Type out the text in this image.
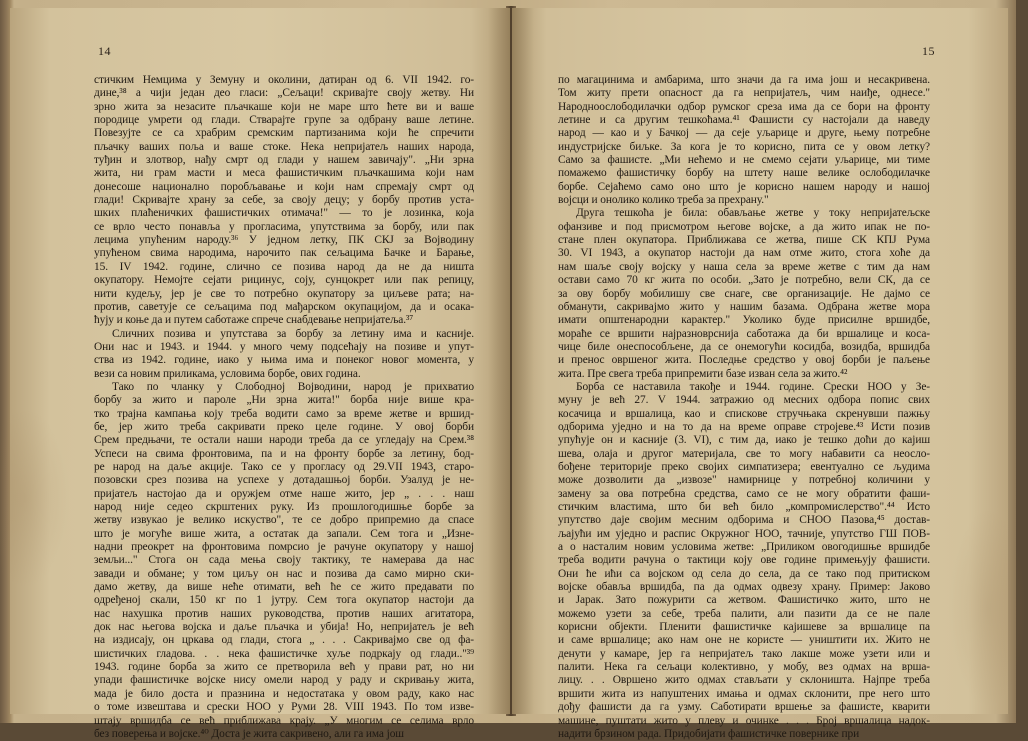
14
стичким Немцима у Земуну и околини, датиран од 6. VII 1942. го-
дине,³⁸ а чији један део гласи: „Сељаци! скривајте своју жетву. Ни
зрно жита за незасите пљачкаше који не маре што ћете ви и ваше
породице умрети од глади. Стварајте групе за одбрану ваше летине.
Повезујте се са храбрим сремским партизанима који ће спречити
пљачку ваших поља и ваше стоке. Нека непријатељ наших народа,
туђин и злотвор, нађу смрт од глади у нашем завичају". „Ни зрна
жита, ни грам масти и меса фашистичким пљачкашима који нам
донесоше национално поробљавање и који нам спремају смрт од
глади! Скривајте храну за себе, за своју децу; у борбу против уста-
шких плаћеничких фашистичких отимача!" — то је лозинка, која
се врло често понавља у прогласима, упутствима за борбу, или пак
лецима упућеним народу.³⁶ У једном летку, ПК СКЈ за Војводину
упућеном свима народима, нарочито пак сељацима Бачке и Барање,
15. IV 1942. године, слично се позива народ да не да ништа
окупатору. Немојте сејати рицинус, соју, сунцокрет или пак репицу,
нити кудељу, јер је све то потребно окупатору за циљеве рата; на-
против, саветује се сељацима под мађарском окупацијом, да и осака-
ћују и коње да и путем саботаже спрече снабдевање непријатеља.³⁷
Сличних позива и упутстава за борбу за летину има и касније.
Они нас и 1943. и 1944. у много чему подсећају на позиве и упут-
ства из 1942. године, иако у њима има и понеког новог момента, у
вези са новим приликама, условима борбе, ових година.
Тако по чланку у Слободној Војводини, народ је прихватио
борбу за жито и пароле „Ни зрна жита!" борба није више кра-
тко трајна кампања коју треба водити само за време жетве и вршид-
бе, јер жито треба сакривати преко целе године. У овој борби
Срем предњачи, те остали наши народи треба да се угледају на Срем.³⁸
Успеси на свима фронтовима, па и на фронту борбе за летину, бод-
ре народ на даље акције. Тако се у прогласу од 29.VII 1943, старо-
позовски срез позива на успехе у дотадашњој борби. Узалуд је не-
пријатељ настојао да и оружјем отме наше жито, јер „ . . . наш
народ није седео скрштених руку. Из прошлогодишње борбе за
жетву извукао је велико искуство", те се добро припремио да спасе
што је могуће више жита, а остатак да запали. Сем тога и „Изне-
надни преокрет на фронтовима помрсио је рачуне окупатору у нашој
земљи..." Стога он сада мења своју тактику, те намерава да нас
завади и обмане; у том циљу он нас и позива да само мирно ски-
дамо жетву, да више неће отимати, већ ће се жито предавати по
одређеној скали, 150 кг по 1 јутру. Сем тога окупатор настоји да
нас нахушка против наших руководства, против наших агитатора,
док нас његова војска и даље пљачка и убија! Но, непријатељ је већ
на издисају, он цркава од глади, стога „ . . . Сакривајмо све од фа-
шистичких гладова. . . нека фашистичке хуље подркају од глади.."³⁹
1943. године борба за жито се претворила већ у прави рат, но ни
упади фашистичке војске нису омели народ у раду и скривању жита,
мада је било доста и празнина и недостатака у овом раду, како нас
о томе извештава и срески НОО у Руми 28. VIII 1943. По том изве-
штају вршидба се већ приближава крају. „У многим се селима врло
без поверења и војске.⁴⁰ Доста је жита сакривено, али га има још
15
по магацинима и амбарима, што значи да га има још и несакривена.
Том житу прети опасност да га непријатељ, чим наиђе, однесе."
Народноослободилачки одбор румског среза има да се бори на фронту
летине и са другим тешкоћама.⁴¹ Фашисти су настојали да наведу
народ — као и у Бачкој — да сеје уљарице и друге, њему потребне
индустријске биљке. За кога је то корисно, пита се у овом летку?
Само за фашисте. „Ми нећемо и не смемо сејати уљарице, ми тиме
помажемо фашистичку борбу на штету наше велике ослободилачке
борбе. Сејаћемо само оно што је корисно нашем народу и нашој
војсци и онолико колико треба за прехрану."
Друга тешкоћа је била: обављање жетве у току непријатељске
офанзиве и под присмотром његове војске, а да жито ипак не по-
стане плен окупатора. Приближава се жетва, пише СК КПЈ Рума
30. VI 1943, а окупатор настоји да нам отме жито, стога хоће да
нам шаље своју војску у наша села за време жетве с тим да нам
остави само 70 кг жита по особи. „Зато је потребно, вели СК, да се
за ову борбу мобилишу све снаге, све организације. Не дајмо се
обманути, сакривајмо жито у нашим базама. Одбрана жетве мора
имати општенародни карактер." Уколико буде присилне вршидбе,
мораће се вршити најразноврснија саботажа да би вршалице и коса-
чице биле онеспособљене, да се онемогући косидба, возидба, вршидба
и пренос овршеног жита. Последње средство у овој борби је паљење
жита. Пре свега треба припремити базе изван села за жито.⁴²
Борба се наставила такође и 1944. године. Срески НОО у Зе-
муну је већ 27. V 1944. затражио од месних одбора попис свих
косачица и вршалица, као и спискове стручњака скренувши пажњу
одборима уједно и на то да на време оправе стројеве.⁴³ Исти позив
упућује он и касније (3. VI), с тим да, иако је тешко доћи до кајиш
шева, олаја и другог материјала, све то могу набавити са неосло-
бођене територије преко својих симпатизера; евентуално се људима
може дозволити да „извозе" намирнице у потребној количини у
замену за ова потребна средства, само се не могу обратити фаши-
стичким властима, што би већ било „компромислерство".⁴⁴ Исто
упутство даје својим месним одборима и СНОО Пазова,⁴⁵ достав-
љајући им уједно и распис Окружног НОО, тачније, упутство ГШ ПОВ-
а о насталим новим условима жетве: „Приликом овогодишње вршидбе
треба водити рачуна о тактици коју ове године примењују фашисти.
Они ће ићи са војском од села до села, да се тако под притиском
војске обавља вршидба, па да одмах одвезу храну. Пример: Јаково
и Јарак. Зато пожурити са жетвом. Фашистичко жито, што не
можемо узети за себе, треба палити, али пазити да се не пале
корисни објекти. Пленити фашистичке кајишеве за вршалице па
и саме вршалице; ако нам оне не користе — уништити их. Жито не
денути у камаре, јер га непријатељ тако лакше може узети или и
палити. Нека га сељаци колективно, у мобу, вез одмах на вршa-
лицу. . . Овршено жито одмах стављати у склоништа. Најпре треба
вршити жита из напуштених имања и одмах склонити, пре него што
дођу фашисти да га узму. Саботирати вршење за фашисте, кварити
машине, пуштати жито у плеву и очинке . . . Број вршалица надок-
надити брзином рада. Придобијати фашистичке повернике при
